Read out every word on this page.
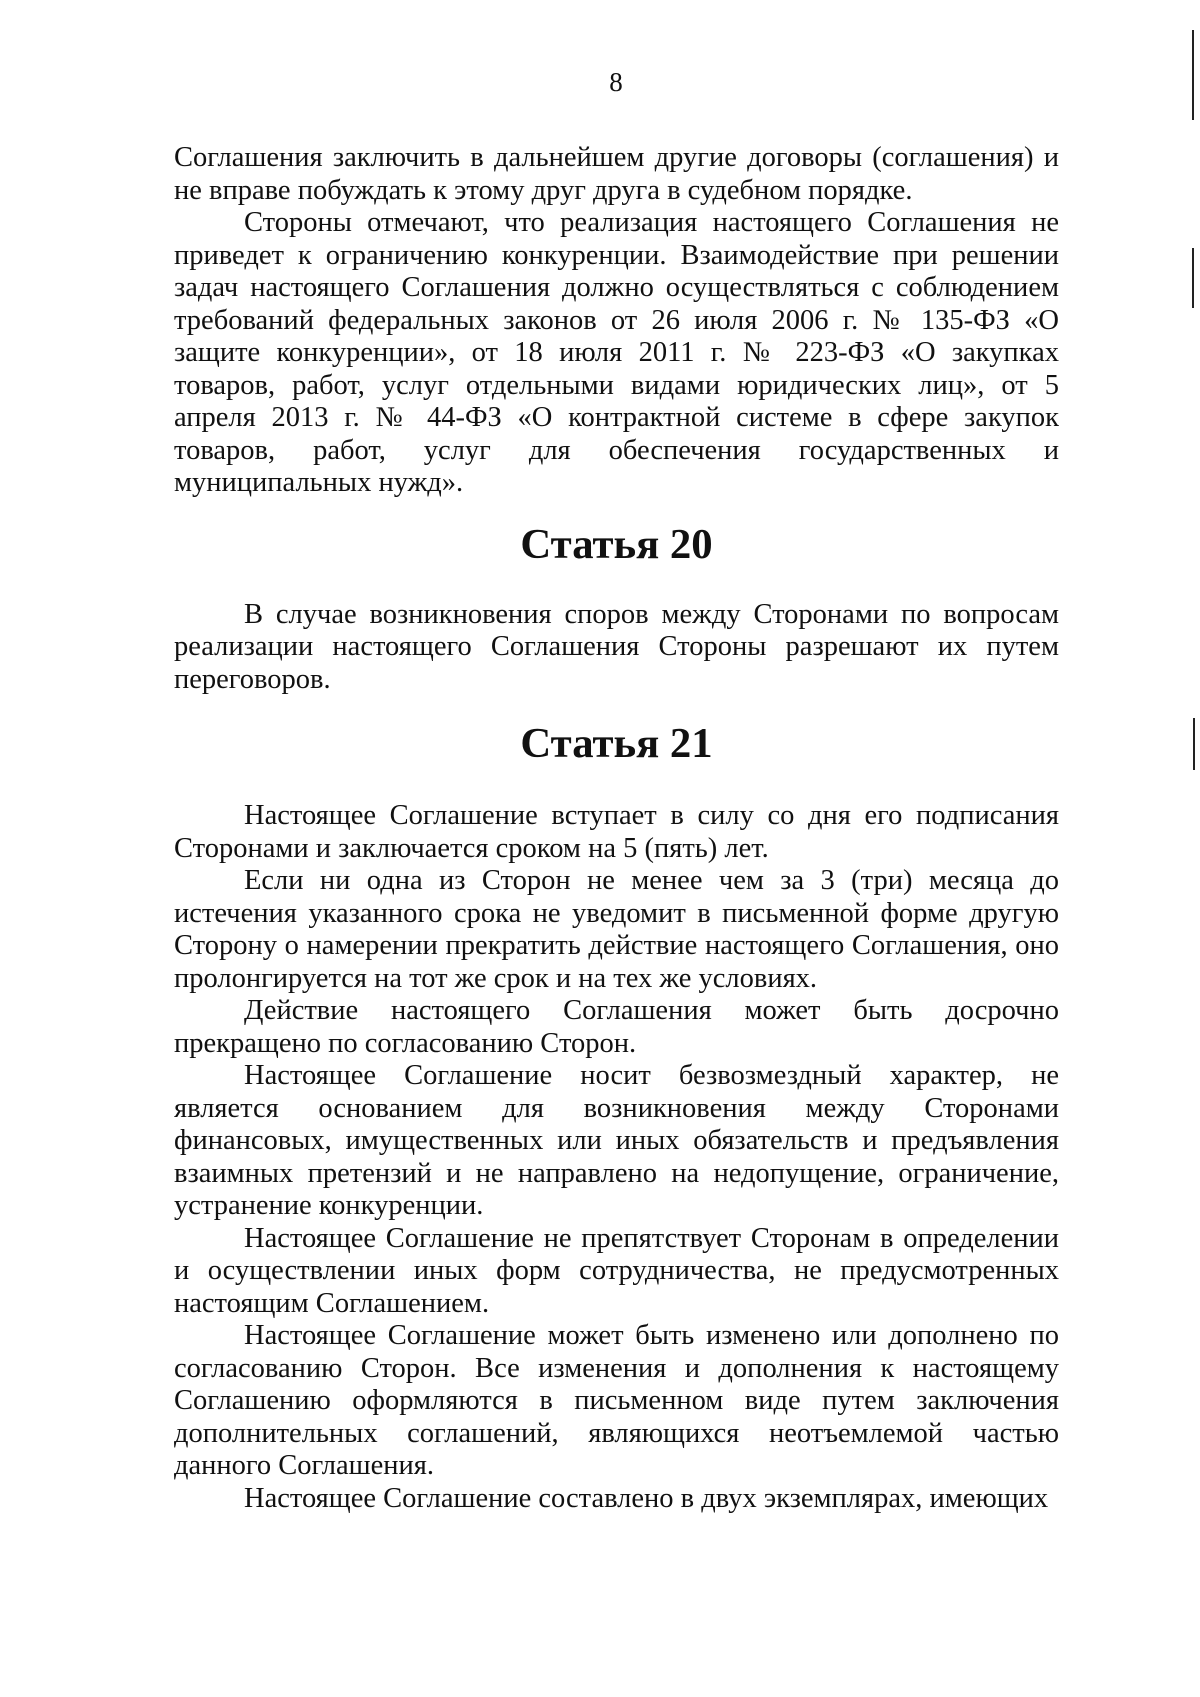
8

Соглашения заключить в дальнейшем другие договоры (соглашения) и не вправе побуждать к этому друг друга в судебном порядке.

Стороны отмечают, что реализация настоящего Соглашения не приведет к ограничению конкуренции. Взаимодействие при решении задач настоящего Соглашения должно осуществляться с соблюдением требований федеральных законов от 26 июля 2006 г. № 135-ФЗ «О защите конкуренции», от 18 июля 2011 г. № 223-ФЗ «О закупках товаров, работ, услуг отдельными видами юридических лиц», от 5 апреля 2013 г. № 44-ФЗ «О контрактной системе в сфере закупок товаров, работ, услуг для обеспечения государственных и муниципальных нужд».

Статья 20

В случае возникновения споров между Сторонами по вопросам реализации настоящего Соглашения Стороны разрешают их путем переговоров.

Статья 21

Настоящее Соглашение вступает в силу со дня его подписания Сторонами и заключается сроком на 5 (пять) лет.

Если ни одна из Сторон не менее чем за 3 (три) месяца до истечения указанного срока не уведомит в письменной форме другую Сторону о намерении прекратить действие настоящего Соглашения, оно пролонгируется на тот же срок и на тех же условиях.

Действие настоящего Соглашения может быть досрочно прекращено по согласованию Сторон.

Настоящее Соглашение носит безвозмездный характер, не является основанием для возникновения между Сторонами финансовых, имущественных или иных обязательств и предъявления взаимных претензий и не направлено на недопущение, ограничение, устранение конкуренции.

Настоящее Соглашение не препятствует Сторонам в определении и осуществлении иных форм сотрудничества, не предусмотренных настоящим Соглашением.

Настоящее Соглашение может быть изменено или дополнено по согласованию Сторон. Все изменения и дополнения к настоящему Соглашению оформляются в письменном виде путем заключения дополнительных соглашений, являющихся неотъемлемой частью данного Соглашения.

Настоящее Соглашение составлено в двух экземплярах, имеющих
